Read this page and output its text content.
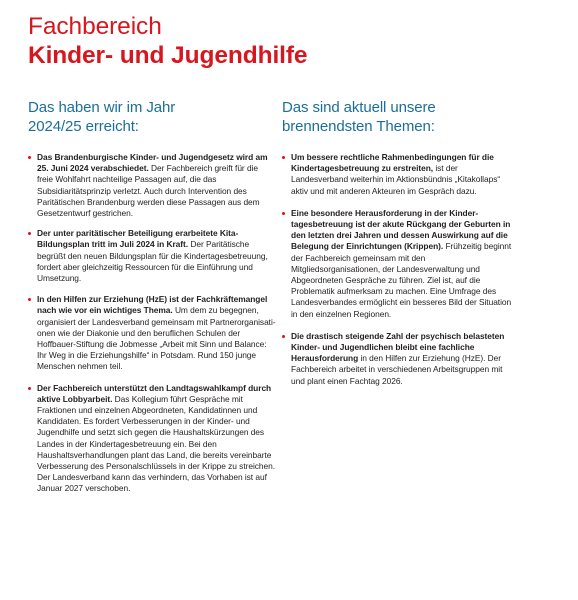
Fachbereich
Kinder- und Jugendhilfe
Das haben wir im Jahr
2024/25 erreicht:
Das Brandenburgische Kinder- und Jugendgesetz wird am 25. Juni 2024 verabschiedet. Der Fachbereich greift für die freie Wohlfahrt nachteilige Passagen auf, die das Subsidiaritätsprinzip verletzt. Auch durch Intervention des Paritätischen Brandenburg werden diese Passagen aus dem Gesetzentwurf gestrichen.
Der unter paritätischer Beteiligung erarbeitete Kita-Bildungsplan tritt im Juli 2024 in Kraft. Der Paritätische begrüßt den neuen Bildungsplan für die Kindertagesbetreuung, fordert aber gleichzeitig Ressourcen für die Einführung und Umsetzung.
In den Hilfen zur Erziehung (HzE) ist der Fachkräftemangel nach wie vor ein wichtiges Thema. Um dem zu begegnen, organisiert der Landesverband gemeinsam mit Partnerorganisationen wie der Diakonie und den beruflichen Schulen der Hoffbauer-Stiftung die Jobmesse „Arbeit mit Sinn und Balance: Ihr Weg in die Erziehungshilfe“ in Potsdam. Rund 150 junge Menschen nehmen teil.
Der Fachbereich unterstützt den Landtagswahlkampf durch aktive Lobbyarbeit. Das Kollegium führt Gespräche mit Fraktionen und einzelnen Abgeordneten, Kandidatinnen und Kandidaten. Es fordert Verbesserungen in der Kinder- und Jugendhilfe und setzt sich gegen die Haushaltskürzungen des Landes in der Kindertagesbetreuung ein. Bei den Haushaltsverhandlungen plant das Land, die bereits vereinbarte Verbesserung des Personalschlüssels in der Krippe zu streichen. Der Landesverband kann das verhindern, das Vorhaben ist auf Januar 2027 verschoben.
Das sind aktuell unsere
brennendsten Themen:
Um bessere rechtliche Rahmenbedingungen für die Kindertagesbetreuung zu erstreiten, ist der Landesverband weiterhin im Aktionsbündnis „Kitakollaps“ aktiv und mit anderen Akteuren im Gespräch dazu.
Eine besondere Herausforderung in der Kindertagesbetreuung ist der akute Rückgang der Geburten in den letzten drei Jahren und dessen Auswirkung auf die Belegung der Einrichtungen (Krippen). Frühzeitig beginnt der Fachbereich gemeinsam mit den Mitgliedsorganisationen, der Landesverwaltung und Abgeordneten Gespräche zu führen. Ziel ist, auf die Problematik aufmerksam zu machen. Eine Umfrage des Landesverbandes ermöglicht ein besseres Bild der Situation in den einzelnen Regionen.
Die drastisch steigende Zahl der psychisch belasteten Kinder- und Jugendlichen bleibt eine fachliche Herausforderung in den Hilfen zur Erziehung (HzE). Der Fachbereich arbeitet in verschiedenen Arbeitsgruppen mit und plant einen Fachtag 2026.
